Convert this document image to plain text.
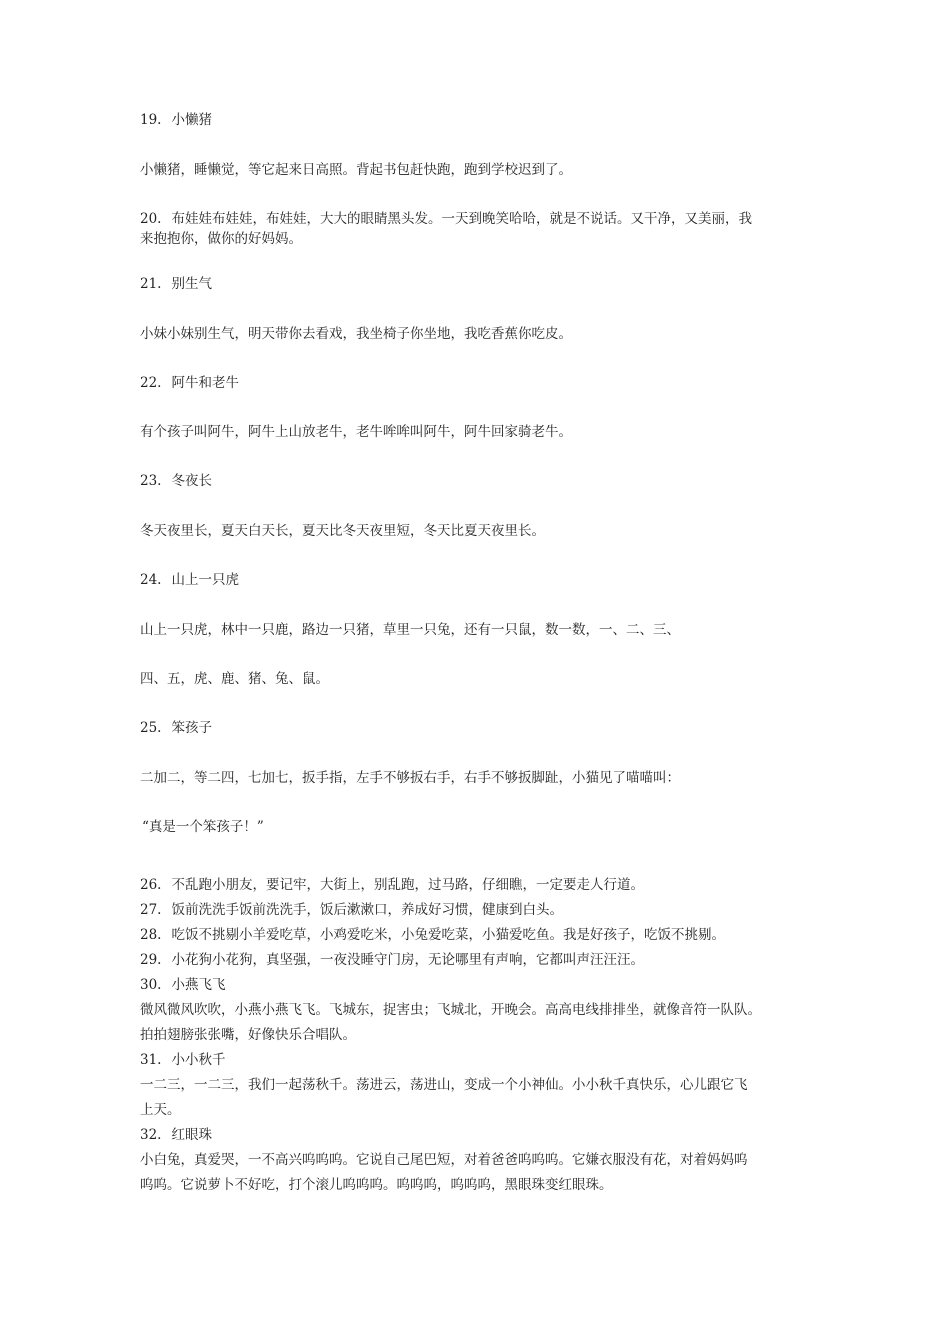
19. 小懒猪
小懒猪，睡懒觉，等它起来日高照。背起书包赶快跑，跑到学校迟到了。
20. 布娃娃布娃娃，布娃娃，大大的眼睛黑头发。一天到晚笑哈哈，就是不说话。又干净，又美丽，我
来抱抱你，做你的好妈妈。
21. 别生气
小妹小妹别生气，明天带你去看戏，我坐椅子你坐地，我吃香蕉你吃皮。
22. 阿牛和老牛
有个孩子叫阿牛，阿牛上山放老牛，老牛哞哞叫阿牛，阿牛回家骑老牛。
23. 冬夜长
冬天夜里长，夏天白天长，夏天比冬天夜里短，冬天比夏天夜里长。
24. 山上一只虎
山上一只虎，林中一只鹿，路边一只猪，草里一只兔，还有一只鼠，数一数，一、二、三、
四、五，虎、鹿、猪、兔、鼠。
25. 笨孩子
二加二，等二四，七加七，扳手指，左手不够扳右手，右手不够扳脚趾，小猫见了喵喵叫：
“真是一个笨孩子！”
26. 不乱跑小朋友，要记牢，大街上，别乱跑，过马路，仔细瞧，一定要走人行道。
27. 饭前洗洗手饭前洗洗手，饭后漱漱口，养成好习惯，健康到白头。
28. 吃饭不挑剔小羊爱吃草，小鸡爱吃米，小兔爱吃菜，小猫爱吃鱼。我是好孩子，吃饭不挑剔。
29. 小花狗小花狗，真坚强，一夜没睡守门房，无论哪里有声响，它都叫声汪汪汪。
30. 小燕飞飞
微风微风吹吹，小燕小燕飞飞。飞城东，捉害虫；飞城北，开晚会。高高电线排排坐，就像音符一队队。
拍拍翅膀张张嘴，好像快乐合唱队。
31. 小小秋千
一二三，一二三，我们一起荡秋千。荡进云，荡进山，变成一个小神仙。小小秋千真快乐，心儿跟它飞
上天。
32. 红眼珠
小白兔，真爱哭，一不高兴呜呜呜。它说自己尾巴短，对着爸爸呜呜呜。它嫌衣服没有花，对着妈妈呜
呜呜。它说萝卜不好吃，打个滚儿呜呜呜。呜呜呜，呜呜呜，黑眼珠变红眼珠。
